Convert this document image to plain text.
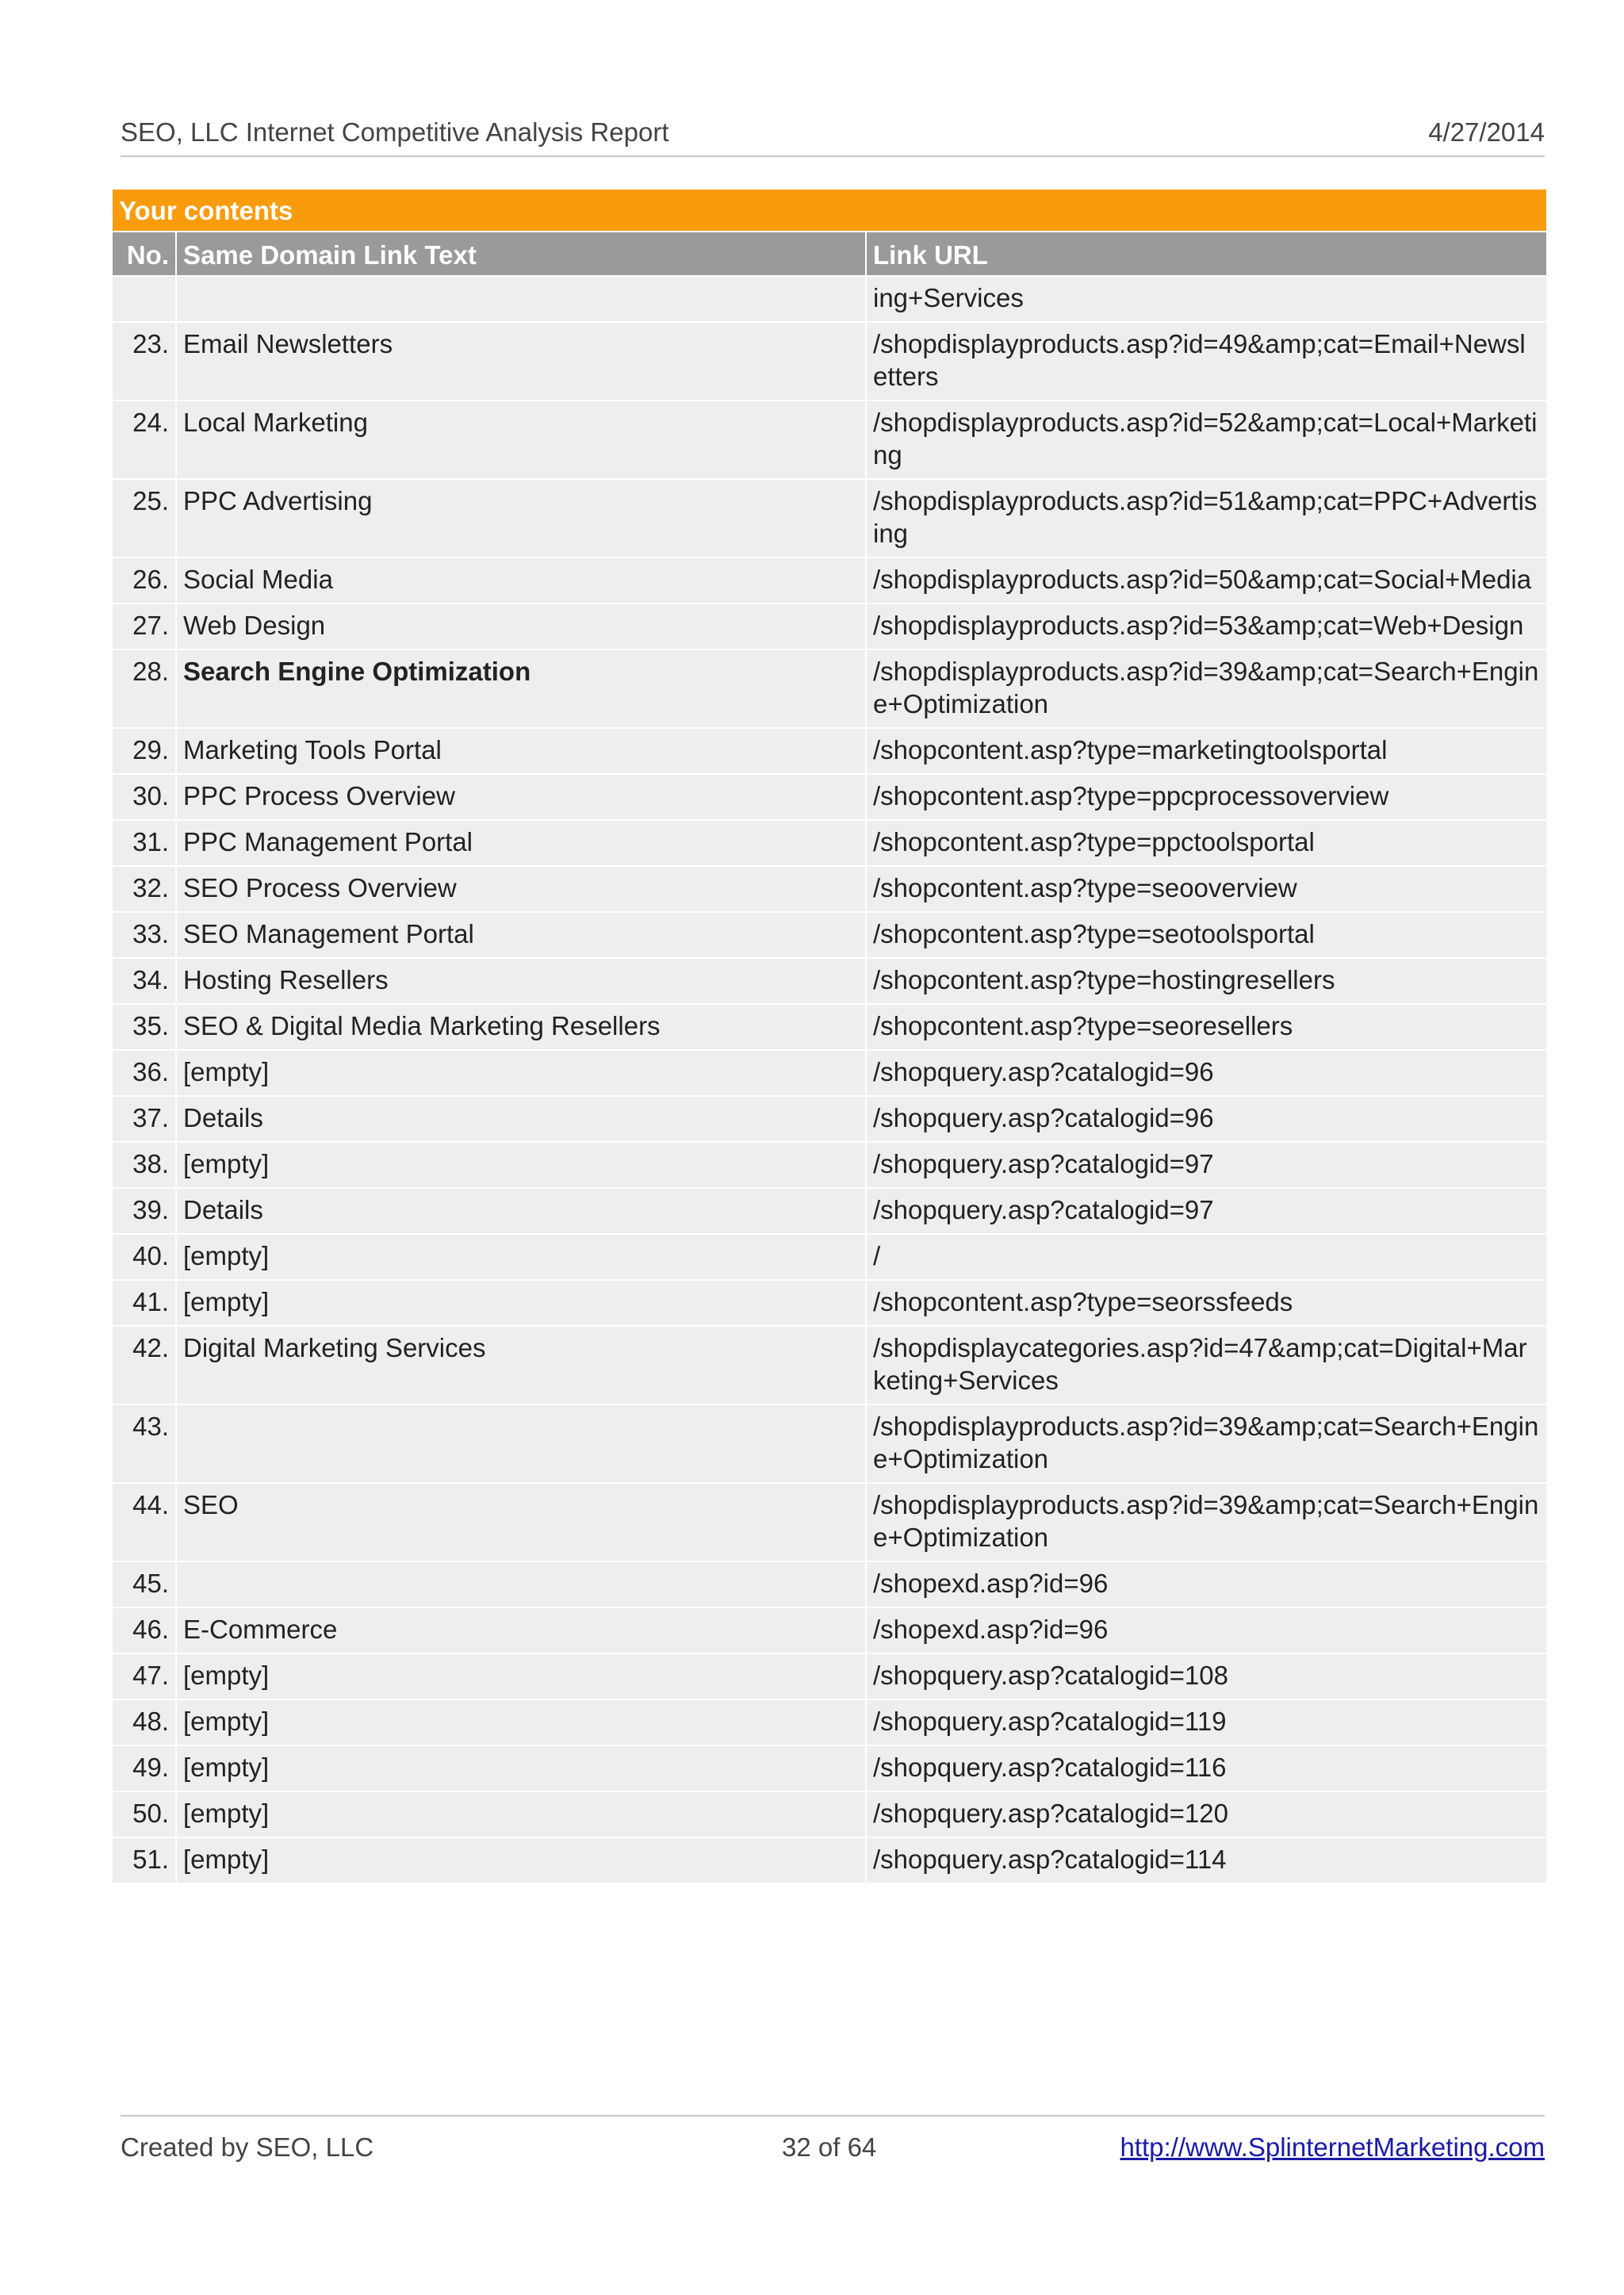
SEO, LLC Internet Competitive Analysis Report	4/27/2014
Your contents		
No.	Same Domain Link Text	Link URL
		ing+Services
23.	Email Newsletters	/shopdisplayproducts.asp?id=49&amp;cat=Email+Newsletters
24.	Local Marketing	/shopdisplayproducts.asp?id=52&amp;cat=Local+Marketing
25.	PPC Advertising	/shopdisplayproducts.asp?id=51&amp;cat=PPC+Advertising
26.	Social Media	/shopdisplayproducts.asp?id=50&amp;cat=Social+Media
27.	Web Design	/shopdisplayproducts.asp?id=53&amp;cat=Web+Design
28.	Search Engine Optimization	/shopdisplayproducts.asp?id=39&amp;cat=Search+Engine+Optimization
29.	Marketing Tools Portal	/shopcontent.asp?type=marketingtoolsportal
30.	PPC Process Overview	/shopcontent.asp?type=ppcprocessoverview
31.	PPC Management Portal	/shopcontent.asp?type=ppctoolsportal
32.	SEO Process Overview	/shopcontent.asp?type=seooverview
33.	SEO Management Portal	/shopcontent.asp?type=seotoolsportal
34.	Hosting Resellers	/shopcontent.asp?type=hostingresellers
35.	SEO & Digital Media Marketing Resellers	/shopcontent.asp?type=seoresellers
36.	[empty]	/shopquery.asp?catalogid=96
37.	Details	/shopquery.asp?catalogid=96
38.	[empty]	/shopquery.asp?catalogid=97
39.	Details	/shopquery.asp?catalogid=97
40.	[empty]	/
41.	[empty]	/shopcontent.asp?type=seorssfeeds
42.	Digital Marketing Services	/shopdisplaycategories.asp?id=47&amp;cat=Digital+Marketing+Services
43.		/shopdisplayproducts.asp?id=39&amp;cat=Search+Engine+Optimization
44.	SEO	/shopdisplayproducts.asp?id=39&amp;cat=Search+Engine+Optimization
45.		/shopexd.asp?id=96
46.	E-Commerce	/shopexd.asp?id=96
47.	[empty]	/shopquery.asp?catalogid=108
48.	[empty]	/shopquery.asp?catalogid=119
49.	[empty]	/shopquery.asp?catalogid=116
50.	[empty]	/shopquery.asp?catalogid=120
51.	[empty]	/shopquery.asp?catalogid=114
Created by SEO, LLC	32 of 64	http://www.SplinternetMarketing.com
